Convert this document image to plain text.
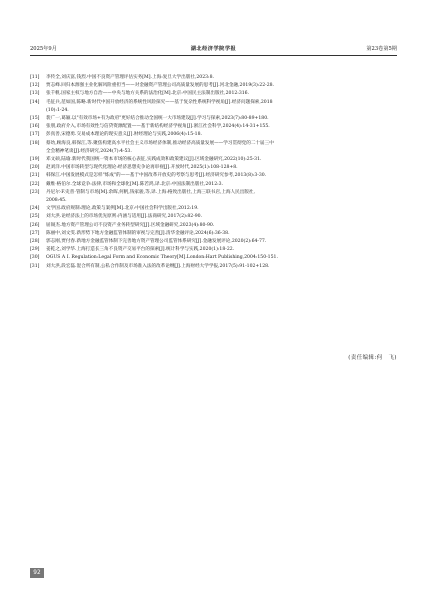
2025年9月	湖北经济学院学报	第23卷第5期
[11] 李传全,刘庆富,钱烈.中国不良资产管理评估实务[M].上海:复旦大学出版社,2023:8.
[12] 贾志峰.回归本源强主业化解风险重担当——对金融资产管理公司高质量发展的思考[J].河北金融,2019(3):22-28.
[13] 张千帆.国家主权与地方自治——中央与地方关系的法治化[M].北京:中国民主法制出版社,2012:316.
[14] 毛征兵,范如国,陈略.新时代中国开放经济的系统性风险探究——基于复杂性系统科学视角[J].经济问题探索,2018
(10):1-24.
[15] 裴广一,葛颖.以"有效市场+有为政府"更好结合推动全国统一大市场建设[J].学习与探索,2023(7):80-89+180.
[16] 张朋,政府介入,市场有效性与信贷资源配置——基于新结构经济学视角[J].浙江社会科学,2024(4):14-31+155.
[17] 彭真善,宋德勇.交易成本理论的现实意义[J].财经理论与实践,2006(4):15-18.
[18] 蔡幼,顾海良,韩保江,等.聚焦构建高水平社会主义市场经济体制,推动经济高质量发展——学习贯彻党的二十届三中
全会精神笔谈[J].经济研究,2024(7):4-53.
[19] 邓文硕,陆瑜.新时代我国统一资本市场的核心表征,实践成效和政策建议[J].区域金融研究,2022(10):25-31.
[20] 赵刘洋.中国市场转型与现代化理论:经济思想史争论再审视[J].开放时代,2025(1):108-128+8.
[21] 韩保江.中国发展模式是怎样"炼成"的——基于中国改革开放史的考察与思考[J].经济研究参考,2013(8):3-30.
[22] 戴维·格伯尔.全球竞争:法律,市场和全球化[M].陈若鸿,译.北京:中国法制出版社,2012:3.
[23] 丹尼尔·F.史普·管制与市场[M].余晖,何帆,钱家骏,等,译.上海:格致出版社,上海三联书店,上海人民出版社,
2008:45.
[24] 文学国.政府规制:理论,政策与案例[M].北京:中国社会科学出版社,2012:19.
[25] 刘大洪.论经济法上的市场优先原则:内涵与适用[J].法商研究,2017(2):82-90.
[26] 屈锡杰.地方资产管理公司不良资产业务转型研究[J].区域金融研究,2023(4):80-90.
[27] 陈丽中,刘文雯.新形势下地方金融监管体制的审视与完善[J].清华金融评论,2024(6):36-38.
[28] 郭志刚,贾付春.新地方金融监管体制下完善地方资产管理公司监管体系研究[J].金融发展评论,2020(2):64-77.
[29] 姜乾之,刘学华.上海打造长三角不良资产交易平台的探索[J].统计科学与实践,2020(1):18-22.
[30] OGUS A I. Regulation:Legal Form and Economic Theory[M].London:Hart Publishing,2004:150-151.
[31] 刘大洪,段宏磊.混合所有制,公私合作制及市场准入法的改革论纲[J].上海财经大学学报,2017(5):91-102+128.
(责任编辑:何　飞)
92
